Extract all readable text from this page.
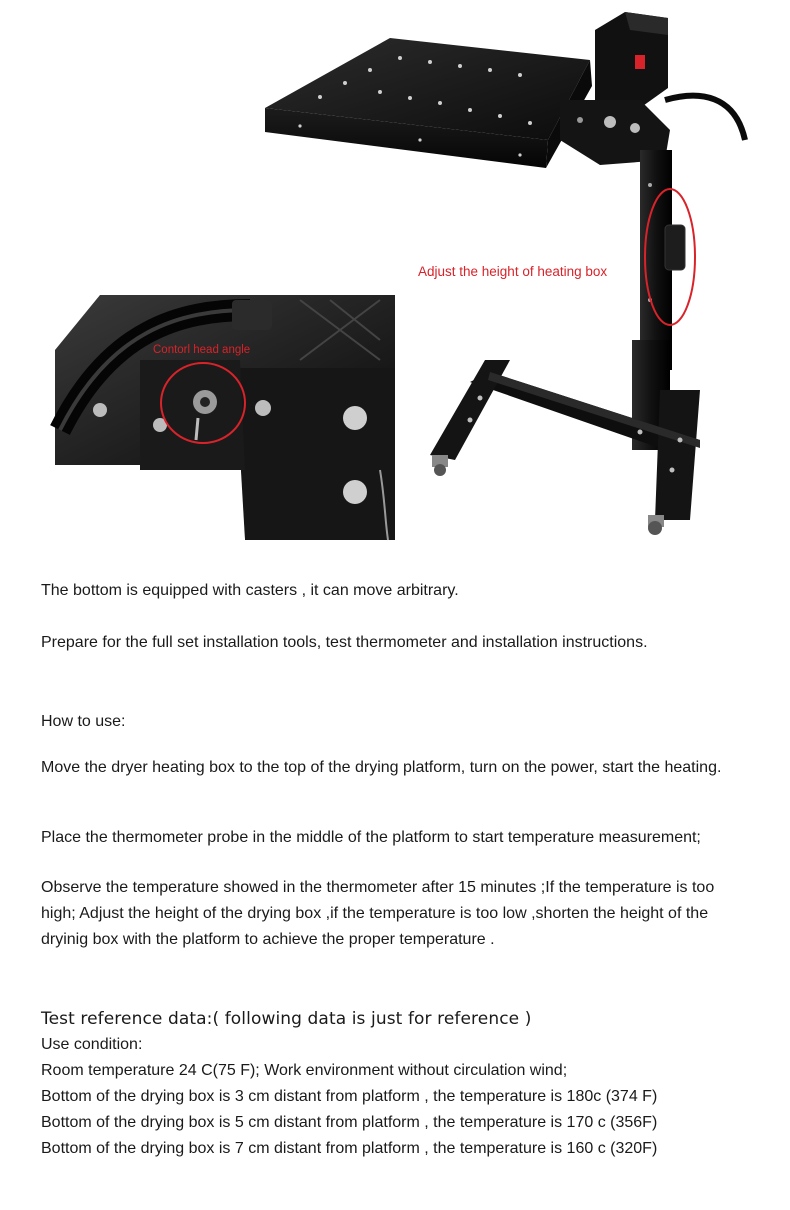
Adjust the height of heating box
Contorl head angle

The bottom is equipped with casters , it can move arbitrary.

Prepare for the full set installation tools, test thermometer and installation instructions.

How to use:

Move the dryer heating box to the top of the drying platform, turn on the power, start the heating.

Place the thermometer probe in the middle of the platform to start temperature measurement;

Observe the temperature showed in the thermometer after 15 minutes ;If the temperature is too high; Adjust the height of the drying box ,if the temperature is too low ,shorten the height of the dryinig box with the platform to achieve the proper temperature .

Test reference data:( following data is just for reference )

Use condition:

Room temperature 24 C(75 F); Work environment without circulation wind;

Bottom of the drying box is 3 cm distant from platform , the temperature is 180c (374 F)

Bottom of the drying box is 5 cm distant from platform , the temperature is 170 c (356F)

Bottom of the drying box is 7 cm distant from platform , the temperature is 160 c (320F)
